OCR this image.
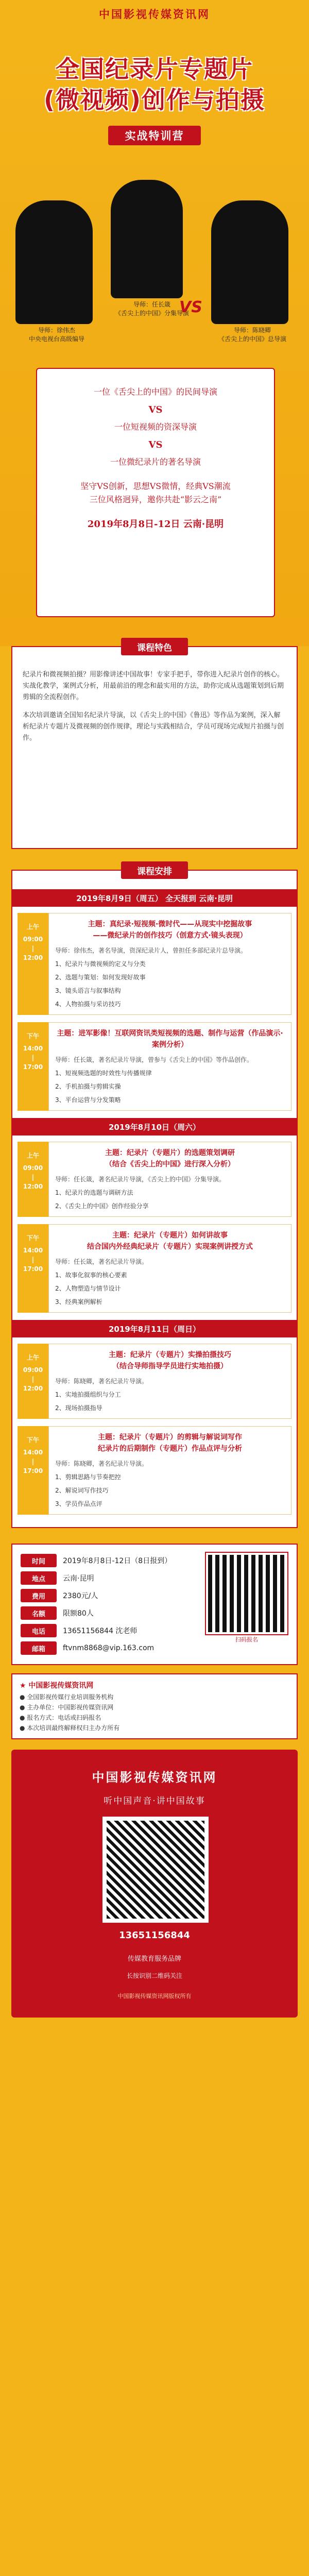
中国影视传媒资讯网
全国纪录片专题片
(微视频)创作与拍摄
实战特训营
导师：徐伟杰
中央电视台高级编导
导师：任长箴
《舌尖上的中国》分集导演
VS
导师：陈晓卿
《舌尖上的中国》总导演
一位《舌尖上的中国》的民间导演
VS
一位短视频的资深导演
VS
一位微纪录片的著名导演
坚守VS创新，思想VS微情，经典VS潮流
三位风格迥异，邀你共赴“影云之南”
2019年8月8日-12日 云南·昆明
课程特色

纪录片和微视频拍摄？用影像讲述中国故事！专家手把手，带你进入纪录片创作的核心。实战化教学，案例式分析，用最前沿的理念和最实用的方法，助你完成从选题策划到后期剪辑的全流程创作。

本次培训邀请全国知名纪录片导演，以《舌尖上的中国》《鲁迅》等作品为案例，深入解析纪录片专题片及微视频的创作规律，理论与实践相结合，学员可现场完成短片拍摄与创作。

课程安排
2019年8月9日（周五） 全天报到 云南·昆明
上午
09:00
|
12:00
主题：真纪录·短视频·微时代——从现实中挖掘故事
——微纪录片的创作技巧（创意方式·镜头表现）
导师：徐伟杰，著名导演，资深纪录片人，曾担任多部纪录片总导演。
1、纪录片与微视频的定义与分类
2、选题与策划：如何发现好故事
3、镜头语言与叙事结构
4、人物拍摄与采访技巧
下午
14:00
|
17:00
主题：进军影像！互联网资讯类短视频的选题、制作与运营（作品演示·案例分析）
导师：任长箴，著名纪录片导演，曾参与《舌尖上的中国》等作品创作。
1、短视频选题的时效性与传播规律
2、手机拍摄与剪辑实操
3、平台运营与分发策略
2019年8月10日（周六）
上午
09:00
|
12:00
主题：纪录片（专题片）的选题策划调研
（结合《舌尖上的中国》进行深入分析）
导师：任长箴，著名纪录片导演，《舌尖上的中国》分集导演。
1、纪录片的选题与调研方法
2、《舌尖上的中国》创作经验分享
下午
14:00
|
17:00
主题：纪录片（专题片）如何讲故事
结合国内外经典纪录片（专题片）实现案例讲授方式
导师：任长箴，著名纪录片导演。
1、故事化叙事的核心要素
2、人物塑造与情节设计
3、经典案例解析
2019年8月11日（周日）
上午
09:00
|
12:00
主题：纪录片（专题片）实操拍摄技巧
（结合导师指导学员进行实地拍摄）
导师：陈晓卿，著名纪录片导演。
1、实地拍摄组织与分工
2、现场拍摄指导
下午
14:00
|
17:00
主题：纪录片（专题片）的剪辑与解说词写作
纪录片的后期制作（专题片）作品点评与分析
导师：陈晓卿，著名纪录片导演。
1、剪辑思路与节奏把控
2、解说词写作技巧
3、学员作品点评
时间	2019年8月8日-12日（8日报到）
地点	云南·昆明
费用	2380元/人
名额	限额80人
电话	13651156844 沈老师
邮箱	ftvnm8868@vip.163.com
扫码报名
★ 中国影视传媒资讯网
● 全国影视传媒行业培训服务机构
● 主办单位：中国影视传媒资讯网
● 报名方式：电话或扫码报名
● 本次培训最终解释权归主办方所有
中国影视传媒资讯网
听中国声音·讲中国故事
13651156844
传媒教育服务品牌
长按识别二维码关注
中国影视传媒资讯网版权所有
